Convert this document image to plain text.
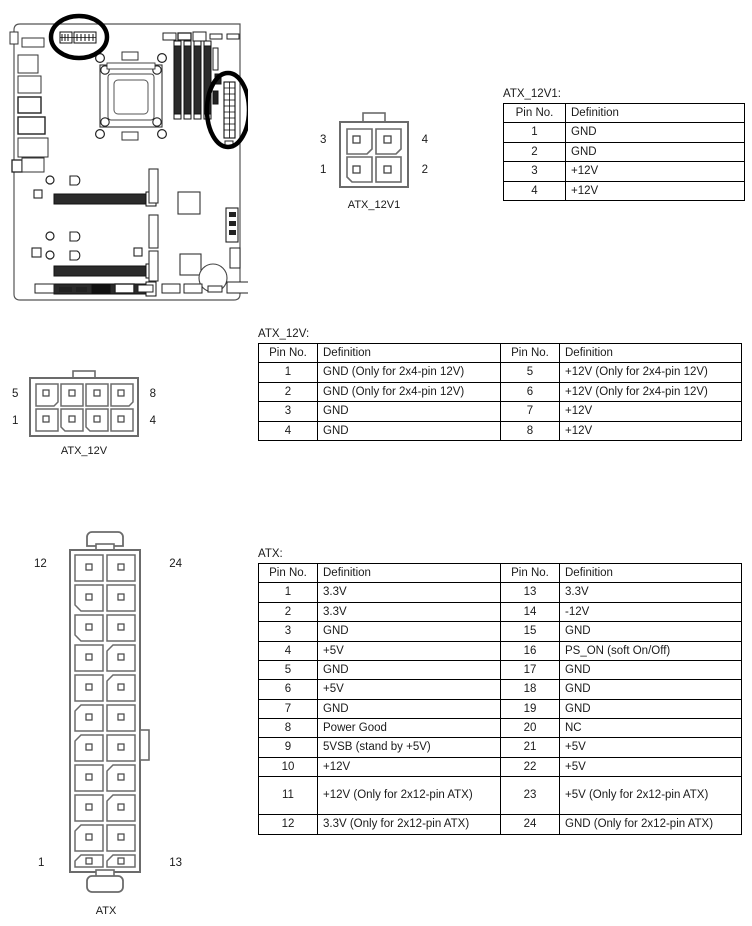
3
1
4
2
ATX_12V1
ATX_12V1:
Pin No.	Definition
1	GND
2	GND
3	+12V
4	+12V
5
1
8
4
ATX_12V
ATX_12V:
Pin No.	Definition	Pin No.	Definition
1	GND (Only for 2x4-pin 12V)	5	+12V (Only for 2x4-pin 12V)
2	GND (Only for 2x4-pin 12V)	6	+12V (Only for 2x4-pin 12V)
3	GND	7	+12V
4	GND	8	+12V
12	24
1	13
ATX
ATX:
Pin No.	Definition	Pin No.	Definition
1	3.3V	13	3.3V
2	3.3V	14	-12V
3	GND	15	GND
4	+5V	16	PS_ON (soft On/Off)
5	GND	17	GND
6	+5V	18	GND
7	GND	19	GND
8	Power Good	20	NC
9	5VSB (stand by +5V)	21	+5V
10	+12V	22	+5V
11	+12V (Only for 2x12-pin ATX)	23	+5V (Only for 2x12-pin ATX)
12	3.3V (Only for 2x12-pin ATX)	24	GND (Only for 2x12-pin ATX)
